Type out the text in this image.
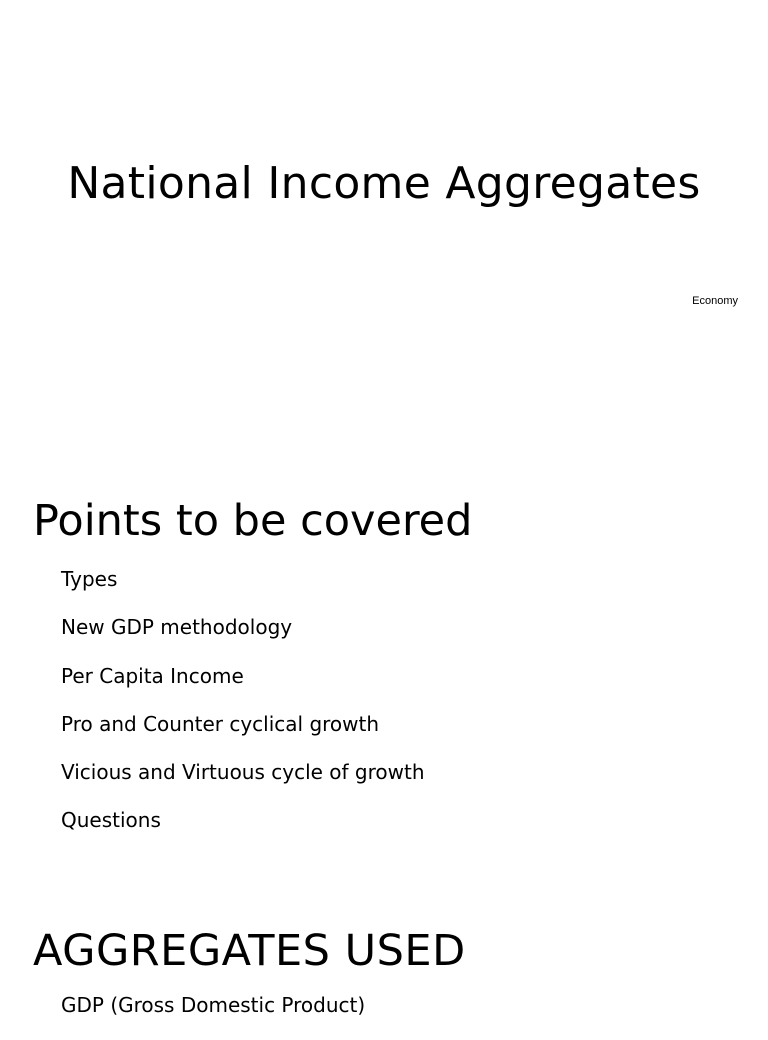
National Income Aggregates

Economy

Points to be covered
Types
New GDP methodology
Per Capita Income
Pro and Counter cyclical growth
Vicious and Virtuous cycle of growth
Questions
AGGREGATES USED
GDP (Gross Domestic Product)
